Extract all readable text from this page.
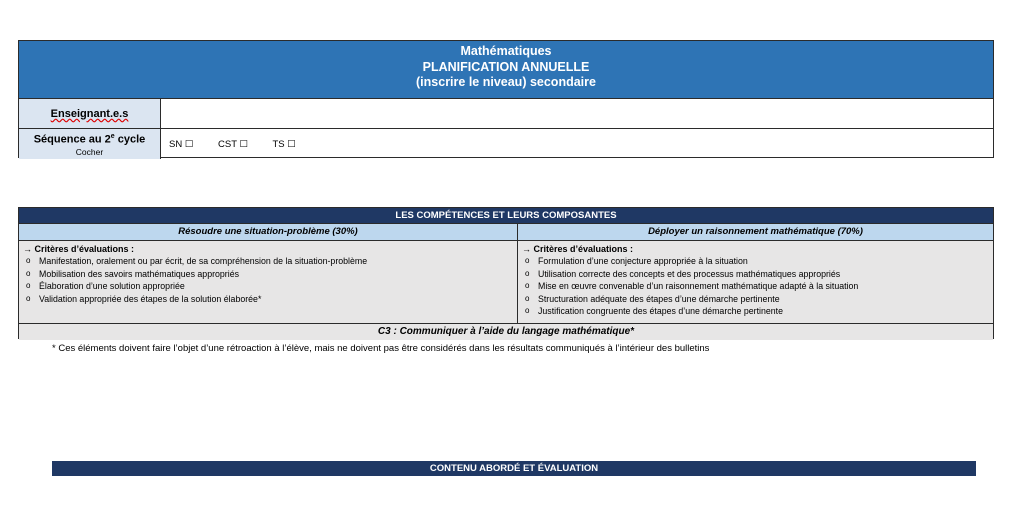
Mathématiques
PLANIFICATION ANNUELLE
(inscrire le niveau) secondaire
Enseignant.e.s
Séquence au 2e cycle
Cocher
SN ☐	CST ☐	TS ☐
LES COMPÉTENCES ET LEURS COMPOSANTES
Résoudre une situation-problème (30%)	Déployer un raisonnement mathématique (70%)
→ Critères d’évaluations :
o Manifestation, oralement ou par écrit, de sa compréhension de la situation-problème
o Mobilisation des savoirs mathématiques appropriés
o Élaboration d’une solution appropriée
o Validation appropriée des étapes de la solution élaborée*
→ Critères d’évaluations :
o Formulation d’une conjecture appropriée à la situation
o Utilisation correcte des concepts et des processus mathématiques appropriés
o Mise en œuvre convenable d’un raisonnement mathématique adapté à la situation
o Structuration adéquate des étapes d’une démarche pertinente
o Justification congruente des étapes d’une démarche pertinente
C3 : Communiquer à l’aide du langage mathématique*
* Ces éléments doivent faire l’objet d’une rétroaction à l’élève, mais ne doivent pas être considérés dans les résultats communiqués à l’intérieur des bulletins
CONTENU ABORDÉ ET ÉVALUATION
